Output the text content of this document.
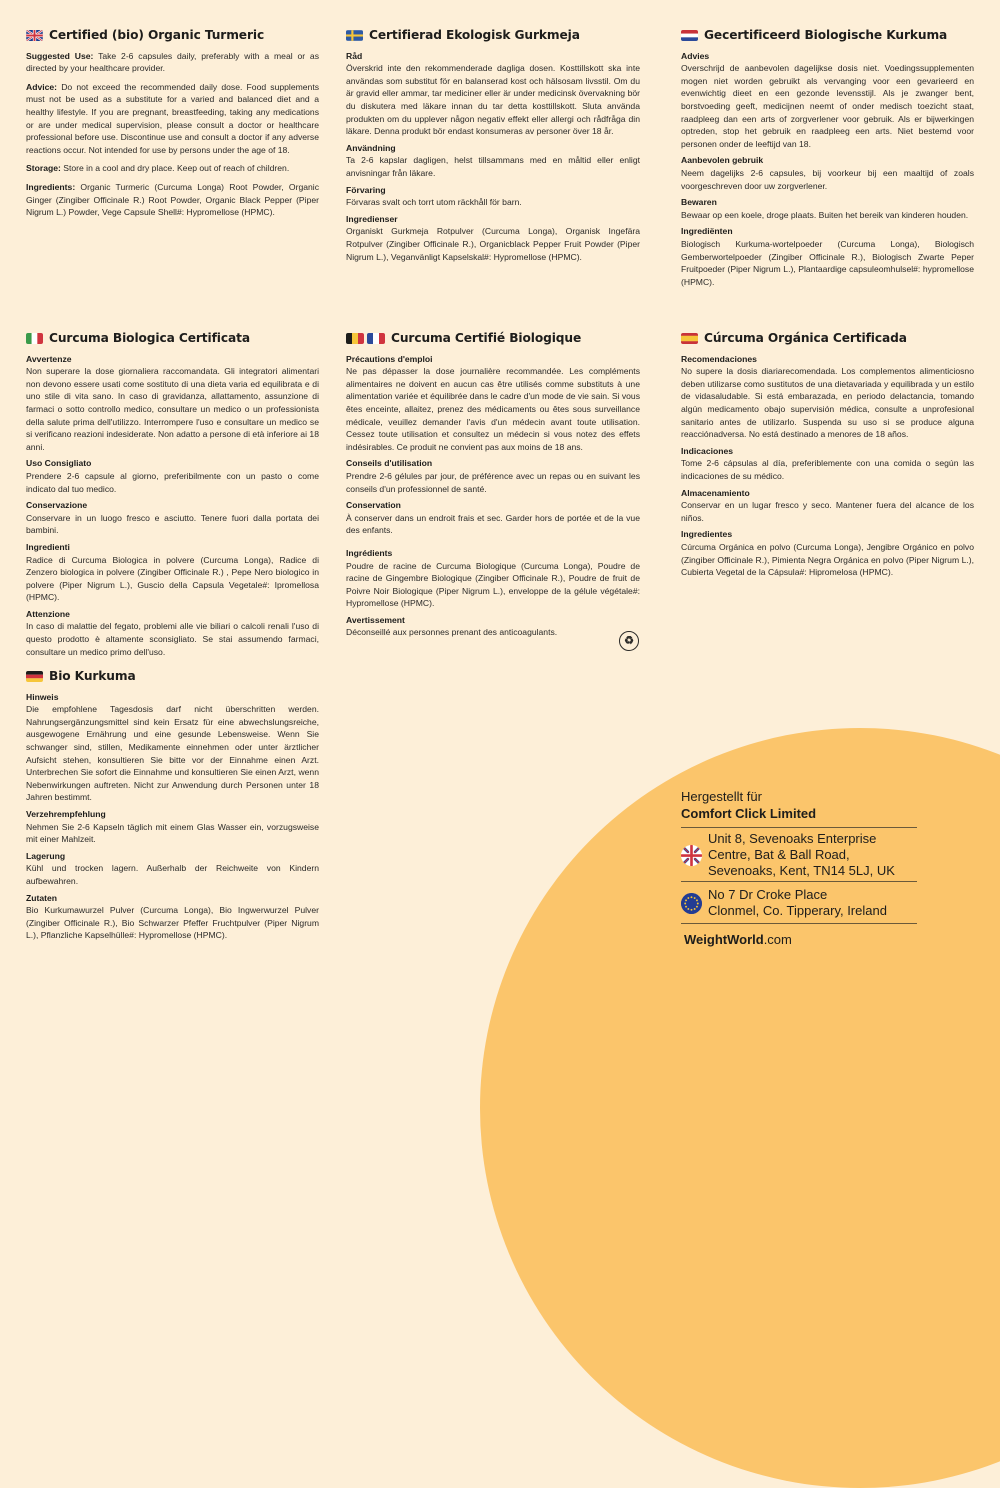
Certified (bio) Organic Turmeric

Suggested Use: Take 2-6 capsules daily, preferably with a meal or as directed by your healthcare provider.

Advice: Do not exceed the recommended daily dose. Food supplements must not be used as a substitute for a varied and balanced diet and a healthy lifestyle. If you are pregnant, breastfeeding, taking any medications or are under medical supervision, please consult a doctor or healthcare professional before use. Discontinue use and consult a doctor if any adverse reactions occur. Not intended for use by persons under the age of 18.

Storage: Store in a cool and dry place. Keep out of reach of children.

Ingredients: Organic Turmeric (Curcuma Longa) Root Powder, Organic Ginger (Zingiber Officinale R.) Root Powder, Organic Black Pepper (Piper Nigrum L.) Powder, Vege Capsule Shell#: Hypromellose (HPMC).

Certifierad Ekologisk Gurkmeja
Råd
Överskrid inte den rekommenderade dagliga dosen. Kosttillskott ska inte användas som substitut för en balanserad kost och hälsosam livsstil. Om du är gravid eller ammar, tar mediciner eller är under medicinsk övervakning bör du diskutera med läkare innan du tar detta kosttillskott. Sluta använda produkten om du upplever någon negativ effekt eller allergi och rådfråga din läkare. Denna produkt bör endast konsumeras av personer över 18 år.
Användning
Ta 2-6 kapslar dagligen, helst tillsammans med en måltid eller enligt anvisningar från läkare.
Förvaring
Förvaras svalt och torrt utom räckhåll för barn.
Ingredienser
Organiskt Gurkmeja Rotpulver (Curcuma Longa), Organisk Ingefära Rotpulver (Zingiber Officinale R.), Organicblack Pepper Fruit Powder (Piper Nigrum L.), Veganvänligt Kapselskal#: Hypromellose (HPMC).
Gecertificeerd Biologische Kurkuma
Advies
Overschrijd de aanbevolen dagelijkse dosis niet. Voedingssupplementen mogen niet worden gebruikt als vervanging voor een gevarieerd en evenwichtig dieet en een gezonde levensstijl. Als je zwanger bent, borstvoeding geeft, medicijnen neemt of onder medisch toezicht staat, raadpleeg dan een arts of zorgverlener voor gebruik. Als er bijwerkingen optreden, stop het gebruik en raadpleeg een arts. Niet bestemd voor personen onder de leeftijd van 18.
Aanbevolen gebruik
Neem dagelijks 2-6 capsules, bij voorkeur bij een maaltijd of zoals voorgeschreven door uw zorgverlener.
Bewaren
Bewaar op een koele, droge plaats. Buiten het bereik van kinderen houden.
Ingrediënten
Biologisch Kurkuma-wortelpoeder (Curcuma Longa), Biologisch Gemberwortelpoeder (Zingiber Officinale R.), Biologisch Zwarte Peper Fruitpoeder (Piper Nigrum L.), Plantaardige capsuleomhulsel#: hypromellose (HPMC).
Curcuma Biologica Certificata
Avvertenze
Non superare la dose giornaliera raccomandata. Gli integratori alimentari non devono essere usati come sostituto di una dieta varia ed equilibrata e di uno stile di vita sano. In caso di gravidanza, allattamento, assunzione di farmaci o sotto controllo medico, consultare un medico o un professionista della salute prima dell'utilizzo. Interrompere l'uso e consultare un medico se si verificano reazioni indesiderate. Non adatto a persone di età inferiore ai 18 anni.
Uso Consigliato
Prendere 2-6 capsule al giorno, preferibilmente con un pasto o come indicato dal tuo medico.
Conservazione
Conservare in un luogo fresco e asciutto. Tenere fuori dalla portata dei bambini.
Ingredienti
Radice di Curcuma Biologica in polvere (Curcuma Longa), Radice di Zenzero biologica in polvere (Zingiber Officinale R.) , Pepe Nero biologico in polvere (Piper Nigrum L.), Guscio della Capsula Vegetale#: Ipromellosa (HPMC).
Attenzione
In caso di malattie del fegato, problemi alle vie biliari o calcoli renali l'uso di questo prodotto è altamente sconsigliato. Se stai assumendo farmaci, consultare un medico primo dell'uso.
Curcuma Certifié Biologique
Précautions d'emploi
Ne pas dépasser la dose journalière recommandée. Les compléments alimentaires ne doivent en aucun cas être utilisés comme substituts à une alimentation variée et équilibrée dans le cadre d'un mode de vie sain. Si vous êtes enceinte, allaitez, prenez des médicaments ou êtes sous surveillance médicale, veuillez demander l'avis d'un médecin avant toute utilisation. Cessez toute utilisation et consultez un médecin si vous notez des effets indésirables. Ce produit ne convient pas aux moins de 18 ans.
Conseils d'utilisation
Prendre 2-6 gélules par jour, de préférence avec un repas ou en suivant les conseils d'un professionnel de santé.
Conservation
À conserver dans un endroit frais et sec. Garder hors de portée et de la vue des enfants.
Ingrédients
Poudre de racine de Curcuma Biologique (Curcuma Longa), Poudre de racine de Gingembre Biologique (Zingiber Officinale R.), Poudre de fruit de Poivre Noir Biologique (Piper Nigrum L.), enveloppe de la gélule végétale#: Hypromellose (HPMC).
Avertissement
Déconseillé aux personnes prenant des anticoagulants.
♻
Cúrcuma Orgánica Certificada
Recomendaciones
No supere la dosis diariarecomendada. Los complementos alimenticiosno deben utilizarse como sustitutos de una dietavariada y equilibrada y un estilo de vidasaludable. Si está embarazada, en periodo delactancia, tomando algún medicamento obajo supervisión médica, consulte a unprofesional sanitario antes de utilizarlo. Suspenda su uso si se produce alguna reacciónadversa. No está destinado a menores de 18 años.
Indicaciones
Tome 2-6 cápsulas al día, preferiblemente con una comida o según las indicaciones de su médico.
Almacenamiento
Conservar en un lugar fresco y seco. Mantener fuera del alcance de los niños.
Ingredientes
Cúrcuma Orgánica en polvo (Curcuma Longa), Jengibre Orgánico en polvo (Zingiber Officinale R.), Pimienta Negra Orgánica en polvo (Piper Nigrum L.), Cubierta Vegetal de la Cápsula#: Hipromelosa (HPMC).
Bio Kurkuma
Hinweis
Die empfohlene Tagesdosis darf nicht überschritten werden. Nahrungsergänzungsmittel sind kein Ersatz für eine abwechslungsreiche, ausgewogene Ernährung und eine gesunde Lebensweise. Wenn Sie schwanger sind, stillen, Medikamente einnehmen oder unter ärztlicher Aufsicht stehen, konsultieren Sie bitte vor der Einnahme einen Arzt. Unterbrechen Sie sofort die Einnahme und konsultieren Sie einen Arzt, wenn Nebenwirkungen auftreten. Nicht zur Anwendung durch Personen unter 18 Jahren bestimmt.
Verzehrempfehlung
Nehmen Sie 2-6 Kapseln täglich mit einem Glas Wasser ein, vorzugsweise mit einer Mahlzeit.
Lagerung
Kühl und trocken lagern. Außerhalb der Reichweite von Kindern aufbewahren.
Zutaten
Bio Kurkumawurzel Pulver (Curcuma Longa), Bio Ingwerwurzel Pulver (Zingiber Officinale R.), Bio Schwarzer Pfeffer Fruchtpulver (Piper Nigrum L.), Pflanzliche Kapselhülle#: Hypromellose (HPMC).
Hergestellt für
Comfort Click Limited
Unit 8, Sevenoaks Enterprise
Centre, Bat & Ball Road,
Sevenoaks, Kent, TN14 5LJ, UK
No 7 Dr Croke Place
Clonmel, Co. Tipperary, Ireland
WeightWorld.com
